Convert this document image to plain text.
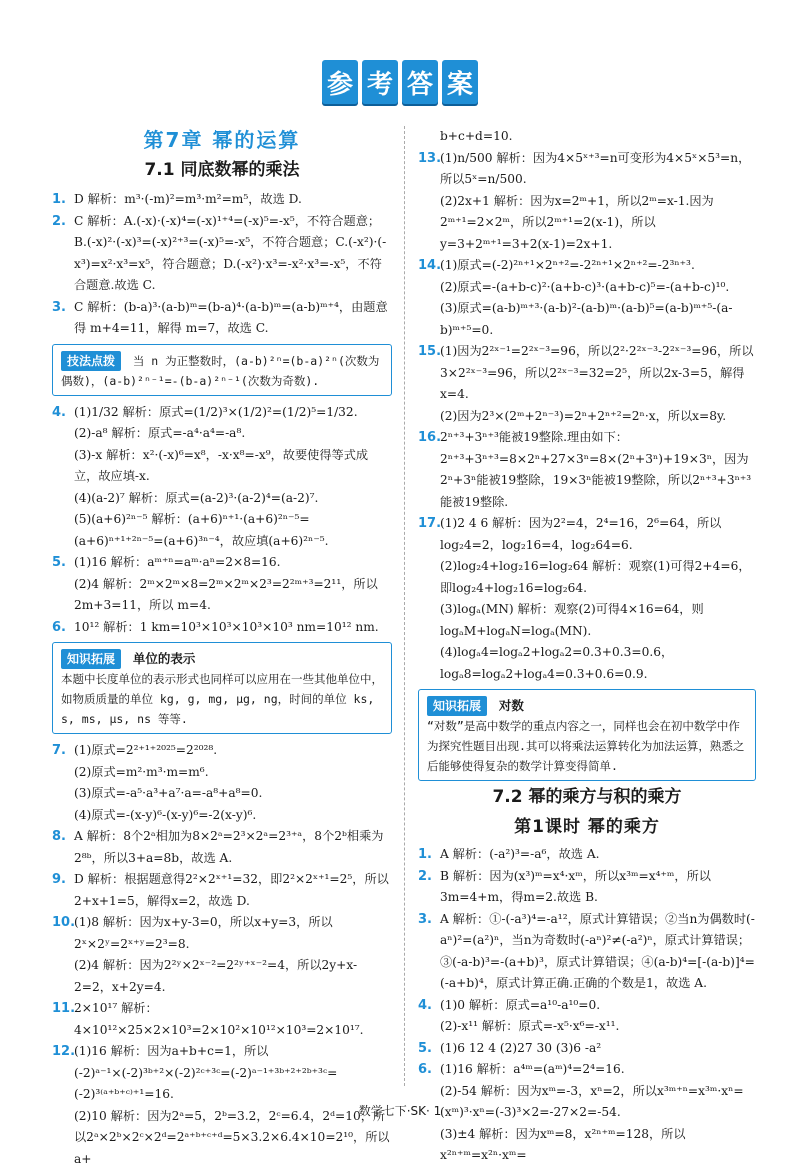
参 考 答 案
第7章 幂的运算
7.1 同底数幂的乘法
1. D 解析：m³·(-m)²=m³·m²=m⁵，故选 D.
2. C 解析：A.(-x)·(-x)⁴=(-x)¹⁺⁴=(-x)⁵=-x⁵，不符合题意；B.(-x)²·(-x)³=(-x)²⁺³=(-x)⁵=-x⁵，不符合题意；C.(-x²)·(-x³)=x²·x³=x⁵，符合题意；D.(-x²)·x³=-x²·x³=-x⁵，不符合题意.故选 C.
3. C 解析：(b-a)³·(a-b)ᵐ=(b-a)⁴·(a-b)ᵐ=(a-b)ᵐ⁺⁴，由题意得 m+4=11，解得 m=7，故选 C.
技法点拨 当 n 为正整数时，(a-b)²ⁿ=(b-a)²ⁿ(次数为偶数)，(a-b)²ⁿ⁻¹=-(b-a)²ⁿ⁻¹(次数为奇数).
4. (1)1/32 解析：原式=(1/2)³×(1/2)²=(1/2)⁵=1/32.
(2)-a⁸ 解析：原式=-a⁴·a⁴=-a⁸.
(3)-x 解析：x²·(-x)⁶=x⁸，-x·x⁸=-x⁹，故要使得等式成立，故应填-x.
(4)(a-2)⁷ 解析：原式=(a-2)³·(a-2)⁴=(a-2)⁷.
(5)(a+6)²ⁿ⁻⁵ 解析：(a+6)ⁿ⁺¹·(a+6)²ⁿ⁻⁵=(a+6)ⁿ⁺¹⁺²ⁿ⁻⁵=(a+6)³ⁿ⁻⁴，故应填(a+6)²ⁿ⁻⁵.
5. (1)16 解析：aᵐ⁺ⁿ=aᵐ·aⁿ=2×8=16.
(2)4 解析：2ᵐ×2ᵐ×8=2ᵐ×2ᵐ×2³=2²ᵐ⁺³=2¹¹，所以 2m+3=11，所以 m=4.
6. 10¹² 解析：1 km=10³×10³×10³×10³ nm=10¹² nm.
知识拓展 单位的表示
本题中长度单位的表示形式也同样可以应用在一些其他单位中，如物质质量的单位 kg, g, mg, μg, ng，时间的单位 ks, s, ms, μs, ns 等等.
7. (1)原式=2²⁺¹⁺²⁰²⁵=2²⁰²⁸.
(2)原式=m²·m³·m=m⁶.
(3)原式=-a⁵·a³+a⁷·a=-a⁸+a⁸=0.
(4)原式=-(x-y)⁶-(x-y)⁶=-2(x-y)⁶.
8. A 解析：8个2ᵃ相加为8×2ᵃ=2³×2ᵃ=2³⁺ᵃ，8个2ᵇ相乘为2⁸ᵇ，所以3+a=8b，故选 A.
9. D 解析：根据题意得2²×2ˣ⁺¹=32，即2²×2ˣ⁺¹=2⁵，所以2+x+1=5，解得x=2，故选 D.
10.
(1)8 解析：因为x+y-3=0，所以x+y=3，所以2ˣ×2ʸ=2ˣ⁺ʸ=2³=8.
(2)4 解析：因为2²ʸ×2ˣ⁻²=2²ʸ⁺ˣ⁻²=4，所以2y+x-2=2，x+2y=4.
11.
2×10¹⁷ 解析：4×10¹²×25×2×10³=2×10²×10¹²×10³=2×10¹⁷.
12.
(1)16 解析：因为a+b+c=1，所以(-2)ᵃ⁻¹×(-2)³ᵇ⁺²×(-2)²ᶜ⁺³ᶜ=(-2)ᵃ⁻¹⁺³ᵇ⁺²⁺²ᵇ⁺³ᶜ=(-2)³⁽ᵃ⁺ᵇ⁺ᶜ⁾⁺¹=16.
(2)10 解析：因为2ᵃ=5，2ᵇ=3.2，2ᶜ=6.4，2ᵈ=10，所以2ᵃ×2ᵇ×2ᶜ×2ᵈ=2ᵃ⁺ᵇ⁺ᶜ⁺ᵈ=5×3.2×6.4×10=2¹⁰，所以a+
b+c+d=10.
13.
(1)n/500 解析：因为4×5ˣ⁺³=n可变形为4×5ˣ×5³=n，所以5ˣ=n/500.
(2)2x+1 解析：因为x=2ᵐ+1，所以2ᵐ=x-1.因为2ᵐ⁺¹=2×2ᵐ，所以2ᵐ⁺¹=2(x-1)，所以y=3+2ᵐ⁺¹=3+2(x-1)=2x+1.
14.
(1)原式=(-2)²ⁿ⁺¹×2ⁿ⁺²=-2²ⁿ⁺¹×2ⁿ⁺²=-2³ⁿ⁺³.
(2)原式=-(a+b-c)²·(a+b-c)³·(a+b-c)⁵=-(a+b-c)¹⁰.
(3)原式=(a-b)ᵐ⁺³·(a-b)²-(a-b)ᵐ·(a-b)⁵=(a-b)ᵐ⁺⁵-(a-b)ᵐ⁺⁵=0.
15.
(1)因为2²ˣ⁻¹=2²ˣ⁻³=96，所以2²·2²ˣ⁻³-2²ˣ⁻³=96，所以3×2²ˣ⁻³=96，所以2²ˣ⁻³=32=2⁵，所以2x-3=5，解得x=4.
(2)因为2³×(2ᵐ+2ⁿ⁻³)=2ⁿ+2ⁿ⁺²=2ⁿ·x，所以x=8y.
16.
2ⁿ⁺³+3ⁿ⁺³能被19整除.理由如下：2ⁿ⁺³+3ⁿ⁺³=8×2ⁿ+27×3ⁿ=8×(2ⁿ+3ⁿ)+19×3ⁿ，因为2ⁿ+3ⁿ能被19整除，19×3ⁿ能被19整除，所以2ⁿ⁺³+3ⁿ⁺³能被19整除.
17.
(1)2 4 6 解析：因为2²=4，2⁴=16，2⁶=64，所以log₂4=2，log₂16=4，log₂64=6.
(2)log₂4+log₂16=log₂64 解析：观察(1)可得2+4=6，即log₂4+log₂16=log₂64.
(3)logₐ(MN) 解析：观察(2)可得4×16=64，则logₐM+logₐN=logₐ(MN).
(4)logₐ4=logₐ2+logₐ2=0.3+0.3=0.6，logₐ8=logₐ2+logₐ4=0.3+0.6=0.9.
知识拓展 对数
“对数”是高中数学的重点内容之一，同样也会在初中数学中作为探究性题目出现.其可以将乘法运算转化为加法运算，熟悉之后能够使得复杂的数学计算变得简单.
7.2 幂的乘方与积的乘方
第1课时 幂的乘方
1. A 解析：(-a²)³=-a⁶，故选 A.
2. B 解析：因为(x³)ᵐ=x⁴·xᵐ，所以x³ᵐ=x⁴⁺ᵐ，所以3m=4+m，得m=2.故选 B.
3. A 解析：①-(-a³)⁴=-a¹²，原式计算错误；②当n为偶数时(-aⁿ)²=(a²)ⁿ，当n为奇数时(-aⁿ)²≠(-a²)ⁿ，原式计算错误；③(-a-b)³=-(a+b)³，原式计算错误；④(a-b)⁴=[-(a-b)]⁴=(-a+b)⁴，原式计算正确.正确的个数是1，故选 A.
4. (1)0 解析：原式=a¹⁰-a¹⁰=0.
(2)-x¹¹ 解析：原式=-x⁵·x⁶=-x¹¹.
5. (1)6 12 4 (2)27 30 (3)6 -a²
6. (1)16 解析：a⁴ᵐ=(aᵐ)⁴=2⁴=16.
(2)-54 解析：因为xᵐ=-3，xⁿ=2，所以x³ᵐ⁺ⁿ=x³ᵐ·xⁿ=(xᵐ)³·xⁿ=(-3)³×2=-27×2=-54.
(3)±4 解析：因为xᵐ=8，x²ⁿ⁺ᵐ=128，所以x²ⁿ⁺ᵐ=x²ⁿ·xᵐ=
数学七下·SK· 1
